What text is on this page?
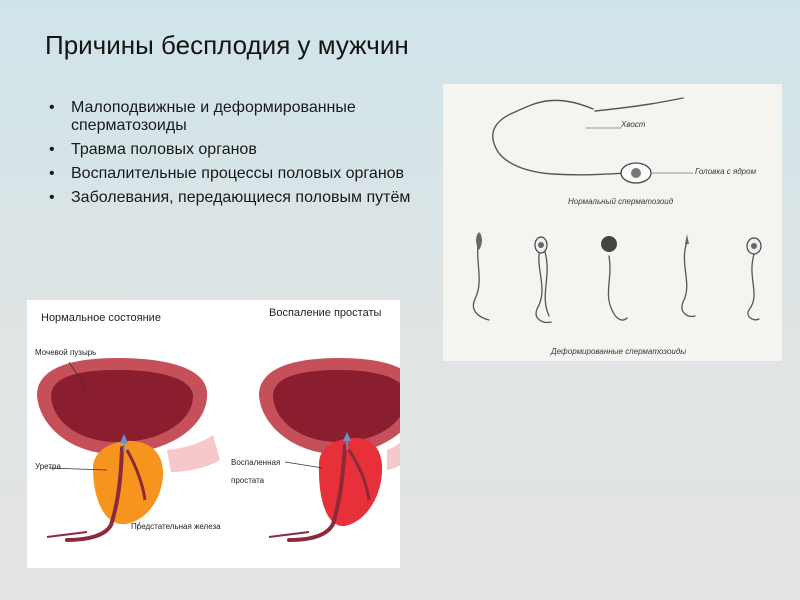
Причины бесплодия у мужчин
• Малоподвижные и деформированные сперматозоиды
• Травма половых органов
• Воспалительные процессы половых органов
• Заболевания, передающиеся половым путём
Хвост
Головка с ядром
Нормальный сперматозоид
Деформированные сперматозоиды
Нормальное состояние	Воспаление простаты
Мочевой пузырь
Уретра
Предстательная железа
Воспаленная
простата
